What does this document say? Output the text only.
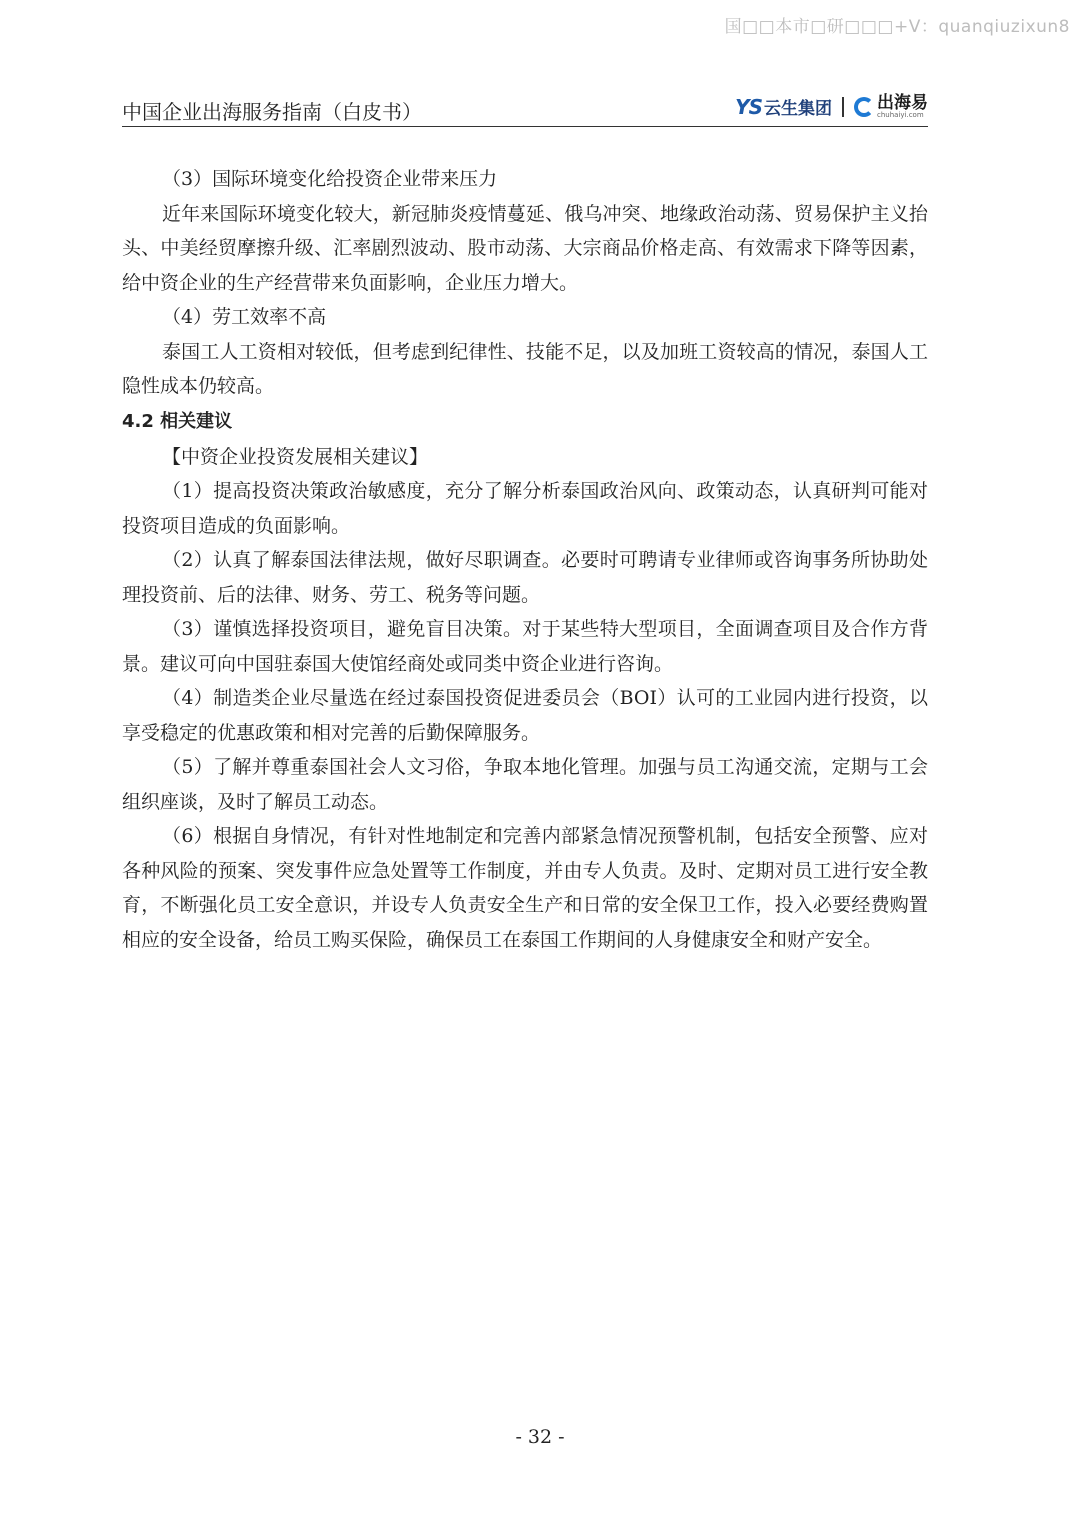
国□□本市□研□□□+V：quanqiuzixun8
中国企业出海服务指南（白皮书）	YS 云生集团	出海易
chuhaiyi.com

（3）国际环境变化给投资企业带来压力

近年来国际环境变化较大，新冠肺炎疫情蔓延、俄乌冲突、地缘政治动荡、贸易保护主义抬头、中美经贸摩擦升级、汇率剧烈波动、股市动荡、大宗商品价格走高、有效需求下降等因素，给中资企业的生产经营带来负面影响，企业压力增大。

（4）劳工效率不高

泰国工人工资相对较低，但考虑到纪律性、技能不足，以及加班工资较高的情况，泰国人工隐性成本仍较高。

4.2 相关建议

【中资企业投资发展相关建议】

（1）提高投资决策政治敏感度，充分了解分析泰国政治风向、政策动态，认真研判可能对投资项目造成的负面影响。

（2）认真了解泰国法律法规，做好尽职调查。必要时可聘请专业律师或咨询事务所协助处理投资前、后的法律、财务、劳工、税务等问题。

（3）谨慎选择投资项目，避免盲目决策。对于某些特大型项目，全面调查项目及合作方背景。建议可向中国驻泰国大使馆经商处或同类中资企业进行咨询。

（4）制造类企业尽量选在经过泰国投资促进委员会（BOI）认可的工业园内进行投资，以享受稳定的优惠政策和相对完善的后勤保障服务。

（5）了解并尊重泰国社会人文习俗，争取本地化管理。加强与员工沟通交流，定期与工会组织座谈，及时了解员工动态。

（6）根据自身情况，有针对性地制定和完善内部紧急情况预警机制，包括安全预警、应对各种风险的预案、突发事件应急处置等工作制度，并由专人负责。及时、定期对员工进行安全教育，不断强化员工安全意识，并设专人负责安全生产和日常的安全保卫工作，投入必要经费购置相应的安全设备，给员工购买保险，确保员工在泰国工作期间的人身健康安全和财产安全。

- 32 -
